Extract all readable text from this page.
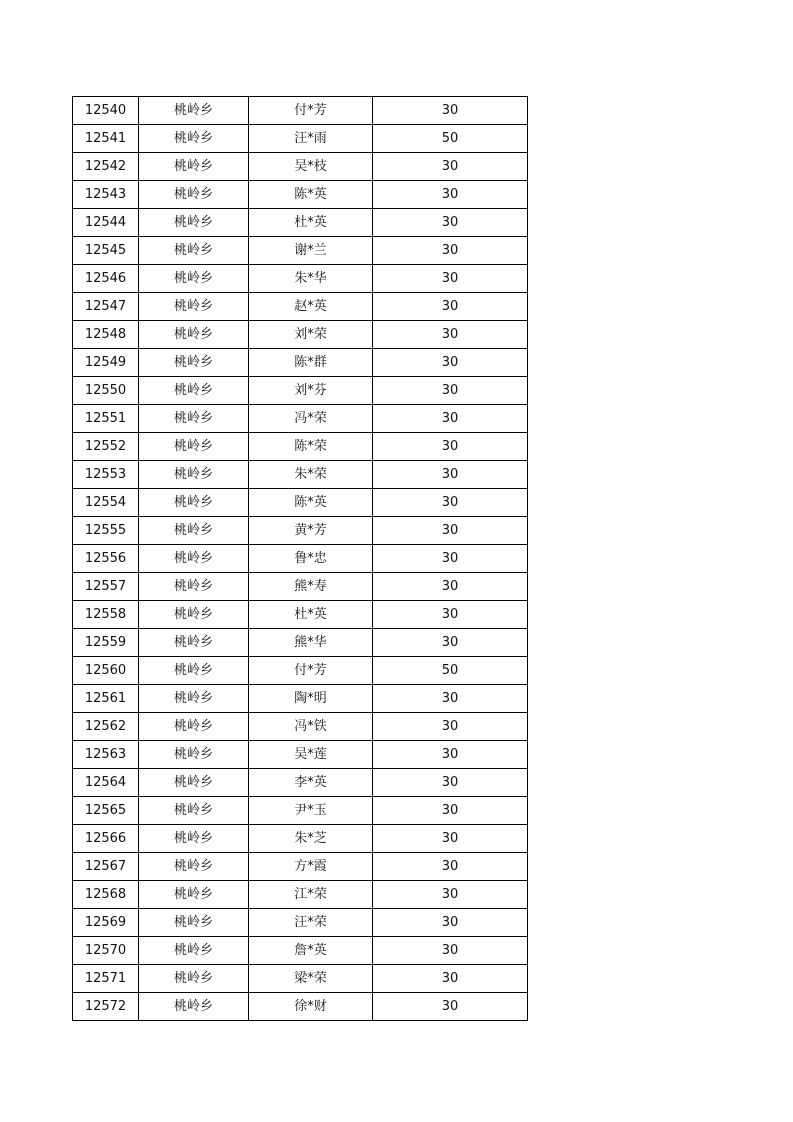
12540	桃岭乡	付*芳	30
12541	桃岭乡	汪*雨	50
12542	桃岭乡	吴*枝	30
12543	桃岭乡	陈*英	30
12544	桃岭乡	杜*英	30
12545	桃岭乡	谢*兰	30
12546	桃岭乡	朱*华	30
12547	桃岭乡	赵*英	30
12548	桃岭乡	刘*荣	30
12549	桃岭乡	陈*群	30
12550	桃岭乡	刘*芬	30
12551	桃岭乡	冯*荣	30
12552	桃岭乡	陈*荣	30
12553	桃岭乡	朱*荣	30
12554	桃岭乡	陈*英	30
12555	桃岭乡	黄*芳	30
12556	桃岭乡	鲁*忠	30
12557	桃岭乡	熊*寿	30
12558	桃岭乡	杜*英	30
12559	桃岭乡	熊*华	30
12560	桃岭乡	付*芳	50
12561	桃岭乡	陶*明	30
12562	桃岭乡	冯*铁	30
12563	桃岭乡	吴*莲	30
12564	桃岭乡	李*英	30
12565	桃岭乡	尹*玉	30
12566	桃岭乡	朱*芝	30
12567	桃岭乡	方*霞	30
12568	桃岭乡	江*荣	30
12569	桃岭乡	汪*荣	30
12570	桃岭乡	詹*英	30
12571	桃岭乡	梁*荣	30
12572	桃岭乡	徐*财	30
